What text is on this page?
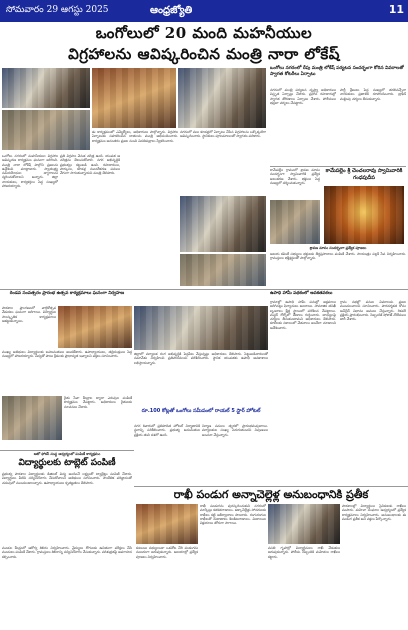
సోమవారం 29 ఆగస్టు 2025	ఆంధ్రజ్యోతి	11
ఒంగోలులో 20 మంది మహనీయుల
విగ్రహాలను ఆవిష్కరించిన మంత్రి నారా లోకేష్
ఒంగోలు నగరంలో మహనీయుల విగ్రహాల ఆవిష్కరణ కార్యక్రమం ఘనంగా జరిగింది. మంత్రి నారా లోకేష్ పాల్గొని ప్రజలను ఉద్దేశించి మాట్లాడారు. స్వాతంత్ర్య సమరయోధుల త్యాగాలను స్మరించుకోవాలని అన్నారు. జిల్లా నాయకులు, కార్యకర్తలు పెద్ద సంఖ్యలో హాజరయ్యారు.
ప్రతి విగ్రహం వెనుక చరిత్ర ఉంది. యువత ఆ చరిత్రను తెలుసుకోవాలి. నగర అభివృద్ధికి ప్రభుత్వం కట్టుబడి ఉంది. రహదారులు, పార్కులు, కూడళ్ల సుందరీకరణ పనులు వేగంగా సాగుతున్నాయని మంత్రి తెలిపారు.
ఈ కార్యక్రమంలో ఎమ్మెల్యేలు, అధికారులు పాల్గొన్నారు. విగ్రహాల ఏర్పాటుకు సహకరించిన దాతలను మంత్రి అభినందించారు. కార్యక్రమం అనంతరం ప్రజల నుంచి వినతిపత్రాలు స్వీకరించారు.
నగరంలో పలు కూడళ్లలో ఏర్పాటు చేసిన విగ్రహాలను ఒక్కొక్కటిగా ఆవిష్కరించారు. స్థానికులు పూలమాలలతో స్వాగతం పలికారు.
ఒంగోలు నగరంలో రేపు మంత్రి లోకేష్ పర్యటన సందర్భంగా కోరిన వివరాలతో స్వాగత కోటరీలు ఏర్పాటు
నగరంలో మంత్రి పర్యటన దృష్ట్యా అధికారులు విస్తృత ఏర్పాట్లు చేశారు. ప్రధాన రహదారుల్లో స్వాగత తోరణాలు ఏర్పాటు చేశారు. పోలీసులు భద్రతా చర్యలు చేపట్టారు.
పార్టీ శ్రేణులు పెద్ద సంఖ్యలో తరలివచ్చేలా నాయకులు ప్రణాళిక రూపొందించారు. ట్రాఫిక్ మళ్లింపు చర్యలు తీసుకున్నారు.
కామేపల్లెం శ్రీ చెంచలరావు స్వామివారికి గంధపుదీప
కామేపల్లెం గ్రామంలో శ్రావణ మాసం సందర్భంగా స్వామివారికి ప్రత్యేక అలంకరణ చేశారు. భక్తులు పెద్ద సంఖ్యలో దర్శించుకున్నారు.
శ్రావణ మాసం సందర్భంగా ప్రత్యేక పూజలు
ఆలయ కమిటీ సభ్యులు భక్తులకు తీర్థప్రసాదాలు పంపిణీ చేశారు. సాయంత్రం పల్లకీ సేవ నిర్వహించారు. గ్రామస్తులు భక్తిశ్రద్ధలతో పాల్గొన్నారు.
రెండవ సంవత్సరం ప్రారంభ ఉత్సవ కార్యక్రమాలు ఘనంగా నిర్వహణ
పాఠశాల ప్రాంగణంలో వార్షికోత్సవ వేడుకలు ఘనంగా జరిగాయి. విద్యార్థుల సాంస్కృతిక కార్యక్రమాలు ఆకట్టుకున్నాయి.
ముఖ్య అతిథులు విద్యార్థులకు బహుమతులు అందజేశారు. ఉపాధ్యాయులు, తల్లిదండ్రులు పెద్ద సంఖ్యలో హాజరయ్యారు. విద్యతో పాటు క్రీడలకు ప్రాధాన్యత ఇవ్వాలని వక్తలు సూచించారు.
రైతు సేవా కేంద్రాల ద్వారా ఎరువుల పంపిణీ కార్యక్రమం చేపట్టారు. అధికారులు రైతులకు సూచనలు చేశారు.
జిల్లాలో పర్యాటక రంగ అభివృద్ధికి పెద్దపీట వేస్తున్నట్లు అధికారులు తెలిపారు. పెట్టుబడిదారులతో సమావేశం నిర్వహించి ప్రతిపాదనలను పరిశీలించారు. స్థానిక యువతకు ఉపాధి అవకాశాలు లభిస్తాయన్నారు.
రూ.100 కోట్లతో ఒంగోలు సమీపంలో రాయల్ 5 స్టార్ హోటల్
నగర శివారులో ప్రతిపాదిత హోటల్ నిర్మాణానికి స్థలాన్ని పరిశీలించారు. ప్రభుత్వ అనుమతుల ప్రక్రియ తుది దశలో ఉంది.
నిర్మాణ పనులు త్వరలో ప్రారంభమవుతాయి. పర్యాటకుల సంఖ్య పెరుగుతుందని నిపుణులు అంచనా వేస్తున్నారు.
ఉపాధి హామీ పథకంలో అవకతవకలు
గ్రామాల్లో ఉపాధి హామీ పనుల్లో అక్రమాలు జరిగినట్లు ఫిర్యాదులు అందాయి. సామాజిక తనిఖీ బృందాలు క్షేత్ర స్థాయిలో పరిశీలన చేపట్టాయి. మస్టర్ రోల్స్‌లో తేడాలు గుర్తించారు. బాధ్యులపై చర్యలు తీసుకుంటామని అధికారులు తెలిపారు. కూలీలకు సకాలంలో వేతనాలు అందేలా చూడాలని ఆదేశించారు.
గ్రామ సభల్లో పనుల వివరాలను ప్రజల ముందుంచాలని సూచించారు. పారదర్శకత కోసం ఆన్‌లైన్ విధానం అమలు చేస్తున్నారు. రికవరీ ప్రక్రియ ప్రారంభించారు. సిబ్బందికి షోకాజ్ నోటీసులు జారీ చేశారు.
ఆటో ఫోకస్ సంస్థ ఆధ్వర్యంలో పంపిణీ కార్యక్రమం
విద్యార్థులకు టాబ్లెట్ పంపిణీ
ప్రభుత్వ పాఠశాల విద్యార్థులకు డిజిటల్ విద్య అందించే లక్ష్యంతో ట్యాబ్లెట్లు పంపిణీ చేశారు. విద్యార్థులు వీటిని సద్వినియోగం చేసుకోవాలని అతిథులు సూచించారు. సాంకేతిక పరిజ్ఞానంతో చదువులో ముందుండాలన్నారు. ఉపాధ్యాయులు కృతజ్ఞతలు తెలిపారు.
రాఖీ పండుగ అన్నాచెల్లెళ్ల అనుబంధానికి ప్రతీక
రాఖీ పండుగను పురస్కరించుకుని నగరంలో మార్కెట్లు కళకళలాడాయి. అక్కాచెల్లెళ్లు సోదరులకు రాఖీలు కట్టి ఆశీర్వాదాలు పొందారు. రంగురంగుల రాఖీలతో దుకాణాలు కిటకిటలాడాయి. మిఠాయిల విక్రయాలు జోరుగా సాగాయి.
పాఠశాలల్లో విద్యార్థులు సైనికులకు రాఖీలు పంపారు. మహిళా సంఘాల ఆధ్వర్యంలో ప్రత్యేక కార్యక్రమాలు నిర్వహించారు. అనుబంధాలకు ఈ పండుగ ప్రతీక అని వక్తలు పేర్కొన్నారు.
కుటుంబ సభ్యులంతా ఒకచోట చేరి పండుగను సంబరంగా జరుపుకున్నారు. ఆలయాల్లో ప్రత్యేక పూజలు నిర్వహించారు.
వసతి గృహాల్లో విద్యార్థినులు రాఖీ వేడుకలు జరుపుకున్నారు. పోలీసు సిబ్బందికి మహిళలు రాఖీలు కట్టారు.
మండల కేంద్రంలో ఆరోగ్య శిబిరం నిర్వహించారు. వైద్యులు రోగులకు ఉచితంగా పరీక్షలు చేసి మందులు పంపిణీ చేశారు. గ్రామస్తులు శిబిరాన్ని సద్వినియోగం చేసుకున్నారు. పరిశుభ్రతపై అవగాహన కల్పించారు.
